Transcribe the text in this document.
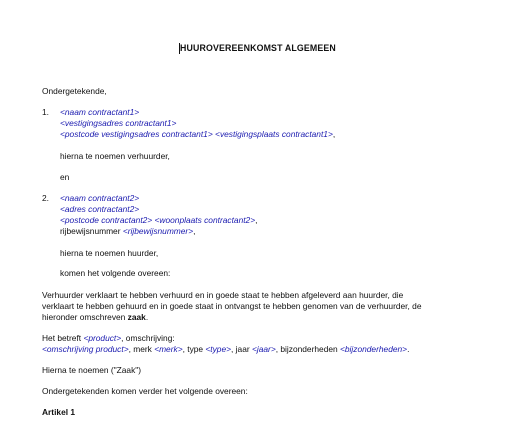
HUUROVEREENKOMST ALGEMEEN
Ondergetekende,
1. <naam contractant1>
<vestigingsadres contractant1>
<postcode vestigingsadres contractant1> <vestigingsplaats contractant1>,
hierna te noemen verhuurder,
en
2. <naam contractant2>
<adres contractant2>
<postcode contractant2> <woonplaats contractant2>,
rijbewijsnummer <rijbewijsnummer>,
hierna te noemen huurder,
komen het volgende overeen:
Verhuurder verklaart te hebben verhuurd en in goede staat te hebben afgeleverd aan huurder, die
verklaart te hebben gehuurd en in goede staat in ontvangst te hebben genomen van de verhuurder, de
hieronder omschreven zaak.
Het betreft <product>, omschrijving:
<omschrijving product>, merk <merk>, type <type>, jaar <jaar>, bijzonderheden <bijzonderheden>.
Hierna te noemen ("Zaak")
Ondergetekenden komen verder het volgende overeen:
Artikel 1
